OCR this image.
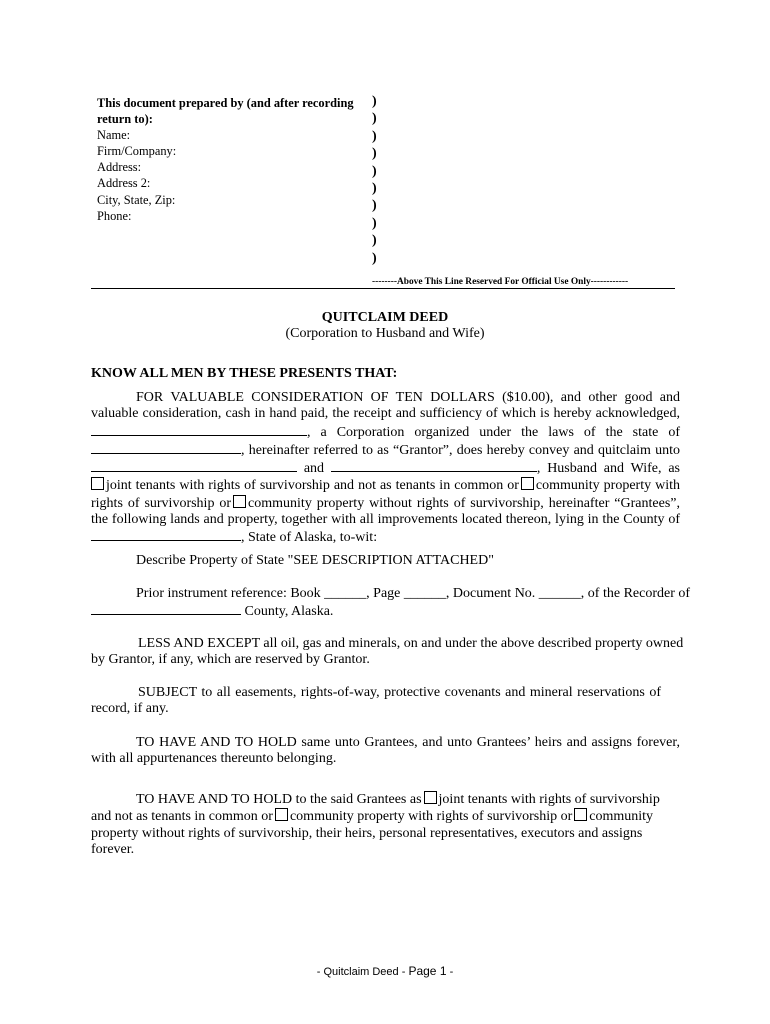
This document prepared by (and after recording
return to):
Name:
Firm/Company:
Address:
Address 2:
City, State, Zip:
Phone:
)
)
)
)
)
)
)
)
)
)
--------Above This Line Reserved For Official Use Only------------
QUITCLAIM DEED
(Corporation to Husband and Wife)
KNOW ALL MEN BY THESE PRESENTS THAT:
FOR VALUABLE CONSIDERATION OF TEN DOLLARS ($10.00), and other good and
valuable consideration, cash in hand paid, the receipt and sufficiency of which is hereby acknowledged,
, a Corporation organized under the laws of the state of
, hereinafter referred to as “Grantor”, does hereby convey and quitclaim unto
and	, Husband and Wife, as
joint tenants with rights of survivorship and not as tenants in common or community property with
rights of survivorship or community property without rights of survivorship, hereinafter “Grantees”,
the following lands and property, together with all improvements located thereon, lying in the County of
, State of Alaska, to-wit:
Describe Property of State "SEE DESCRIPTION ATTACHED"
Prior instrument reference: Book ______, Page ______, Document No. ______, of the Recorder of
County, Alaska.
LESS AND EXCEPT all oil, gas and minerals, on and under the above described property owned
by Grantor, if any, which are reserved by Grantor.
SUBJECT to all easements, rights-of-way, protective covenants and mineral reservations of
record, if any.
TO HAVE AND TO HOLD same unto Grantees, and unto Grantees’ heirs and assigns forever,
with all appurtenances thereunto belonging.
TO HAVE AND TO HOLD to the said Grantees as joint tenants with rights of survivorship
and not as tenants in common or community property with rights of survivorship or community
property without rights of survivorship, their heirs, personal representatives, executors and assigns
forever.
- Quitclaim Deed - Page 1 -
